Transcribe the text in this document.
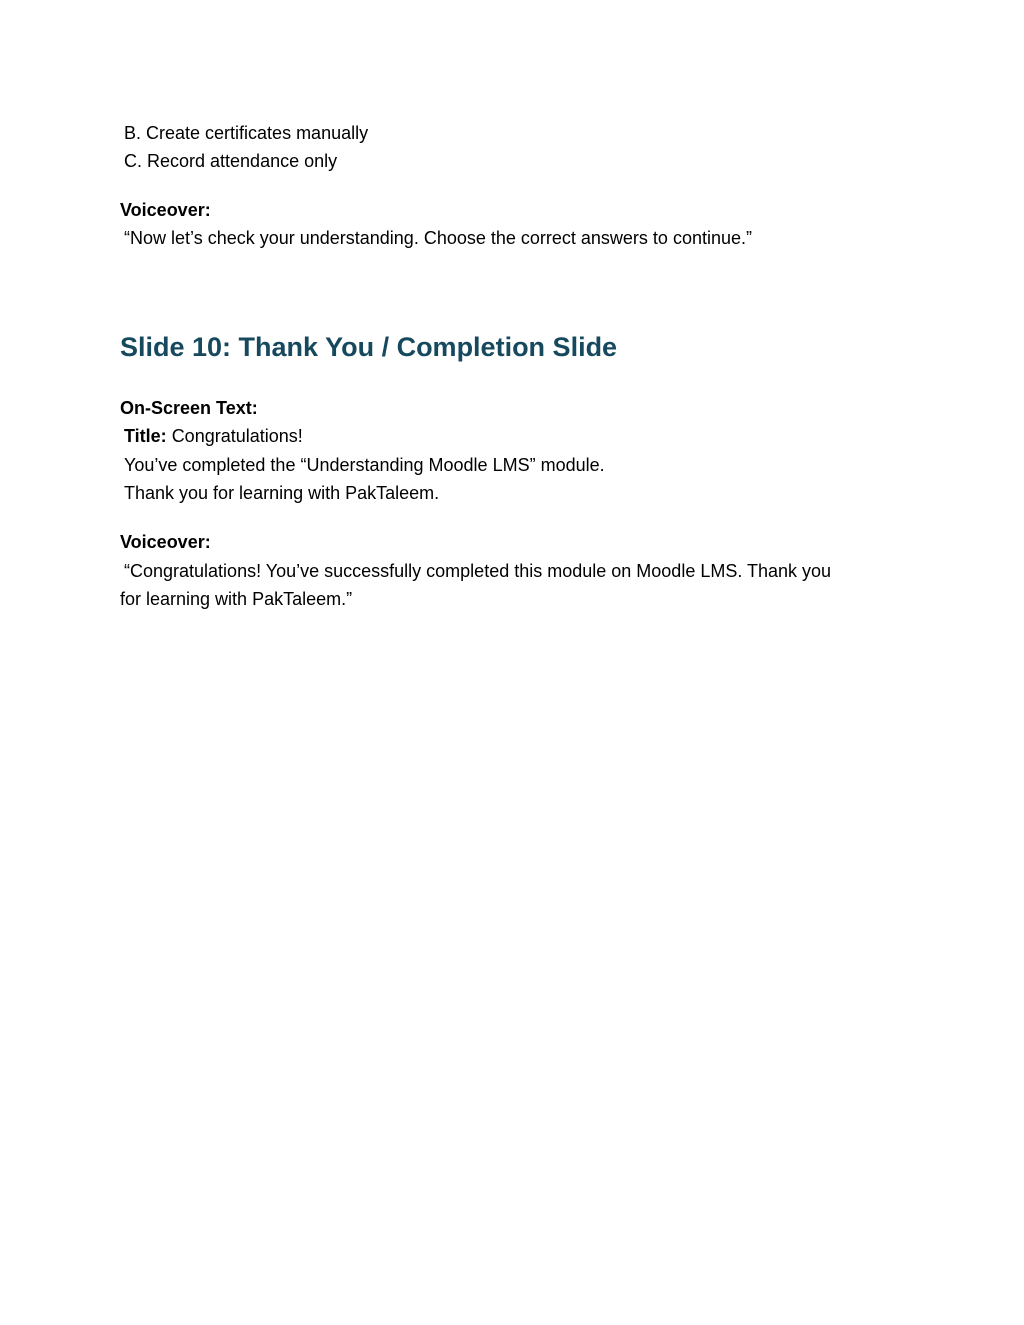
B. Create certificates manually
C. Record attendance only
Voiceover:
“Now let’s check your understanding. Choose the correct answers to continue.”
Slide 10: Thank You / Completion Slide
On-Screen Text:
Title: Congratulations!
You’ve completed the “Understanding Moodle LMS” module.
Thank you for learning with PakTaleem.
Voiceover:
“Congratulations! You’ve successfully completed this module on Moodle LMS. Thank you
for learning with PakTaleem.”
